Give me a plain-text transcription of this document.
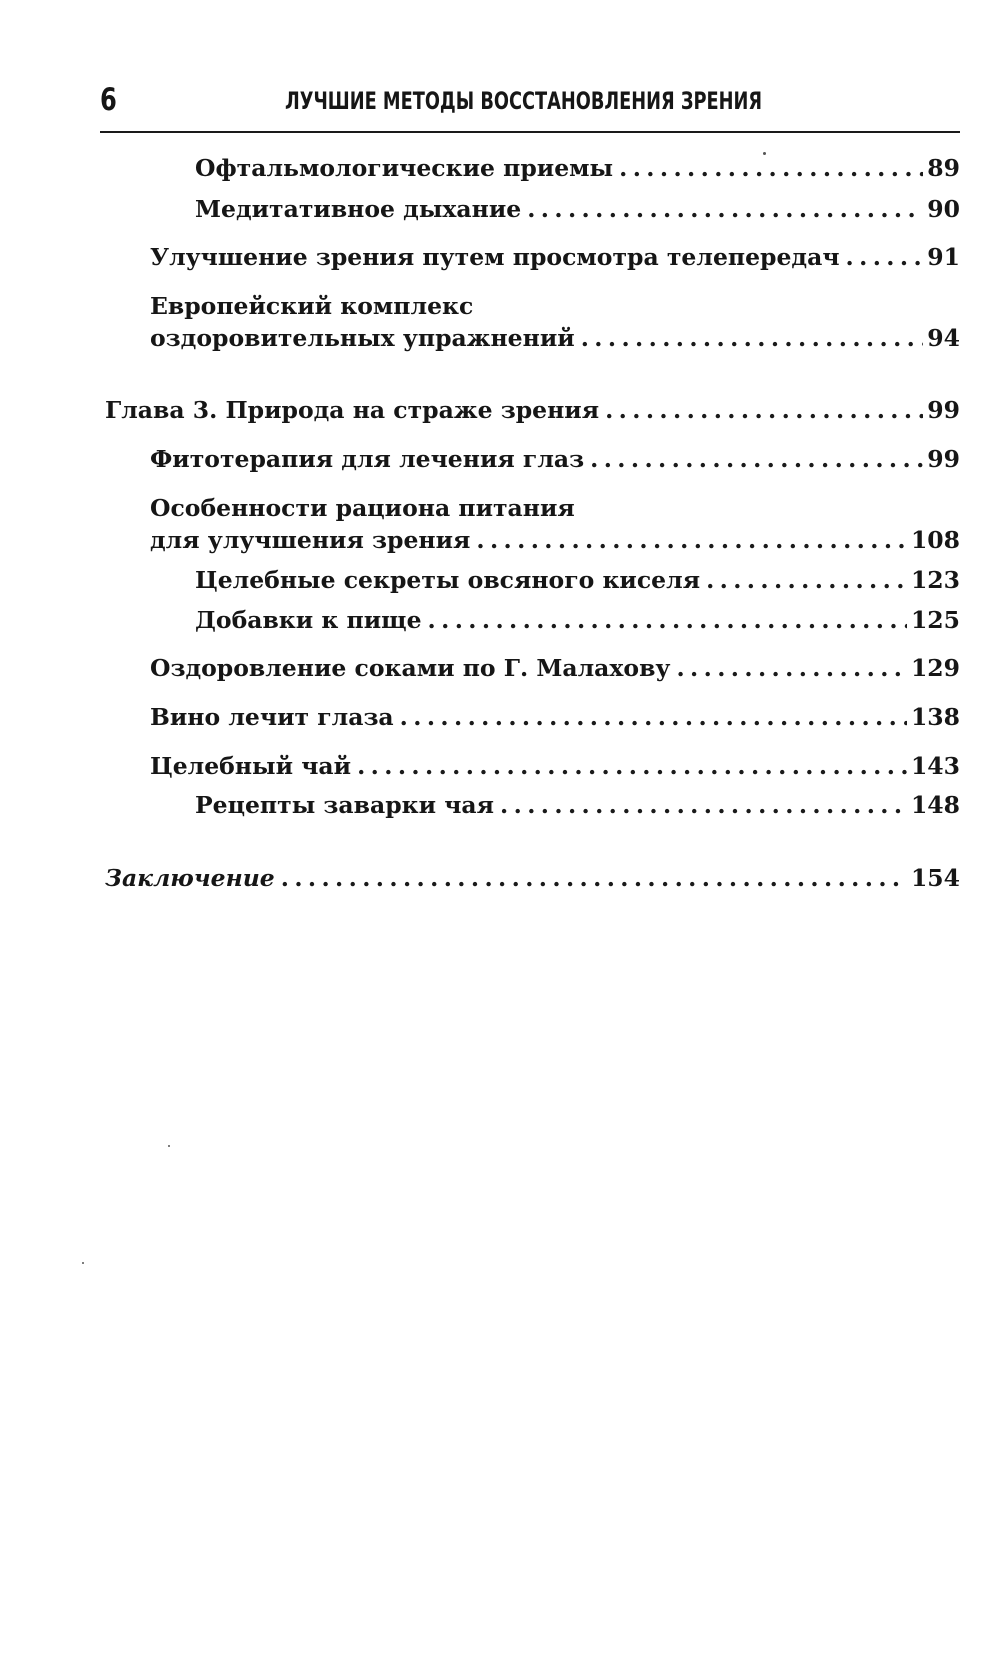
6	ЛУЧШИЕ МЕТОДЫ ВОССТАНОВЛЕНИЯ ЗРЕНИЯ
Офтальмологические приемы .....	89
Медитативное дыхание .....	90
Улучшение зрения путем просмотра телепередач .....	91
Европейский комплекс
оздоровительных упражнений .....	94
Глава 3. Природа на страже зрения .....	99
Фитотерапия для лечения глаз .....	99
Особенности рациона питания
для улучшения зрения .....	108
Целебные секреты овсяного киселя .....	123
Добавки к пище .....	125
Оздоровление соками по Г. Малахову .....	129
Вино лечит глаза .....	138
Целебный чай .....	143
Рецепты заварки чая .....	148
Заключение .....	154
